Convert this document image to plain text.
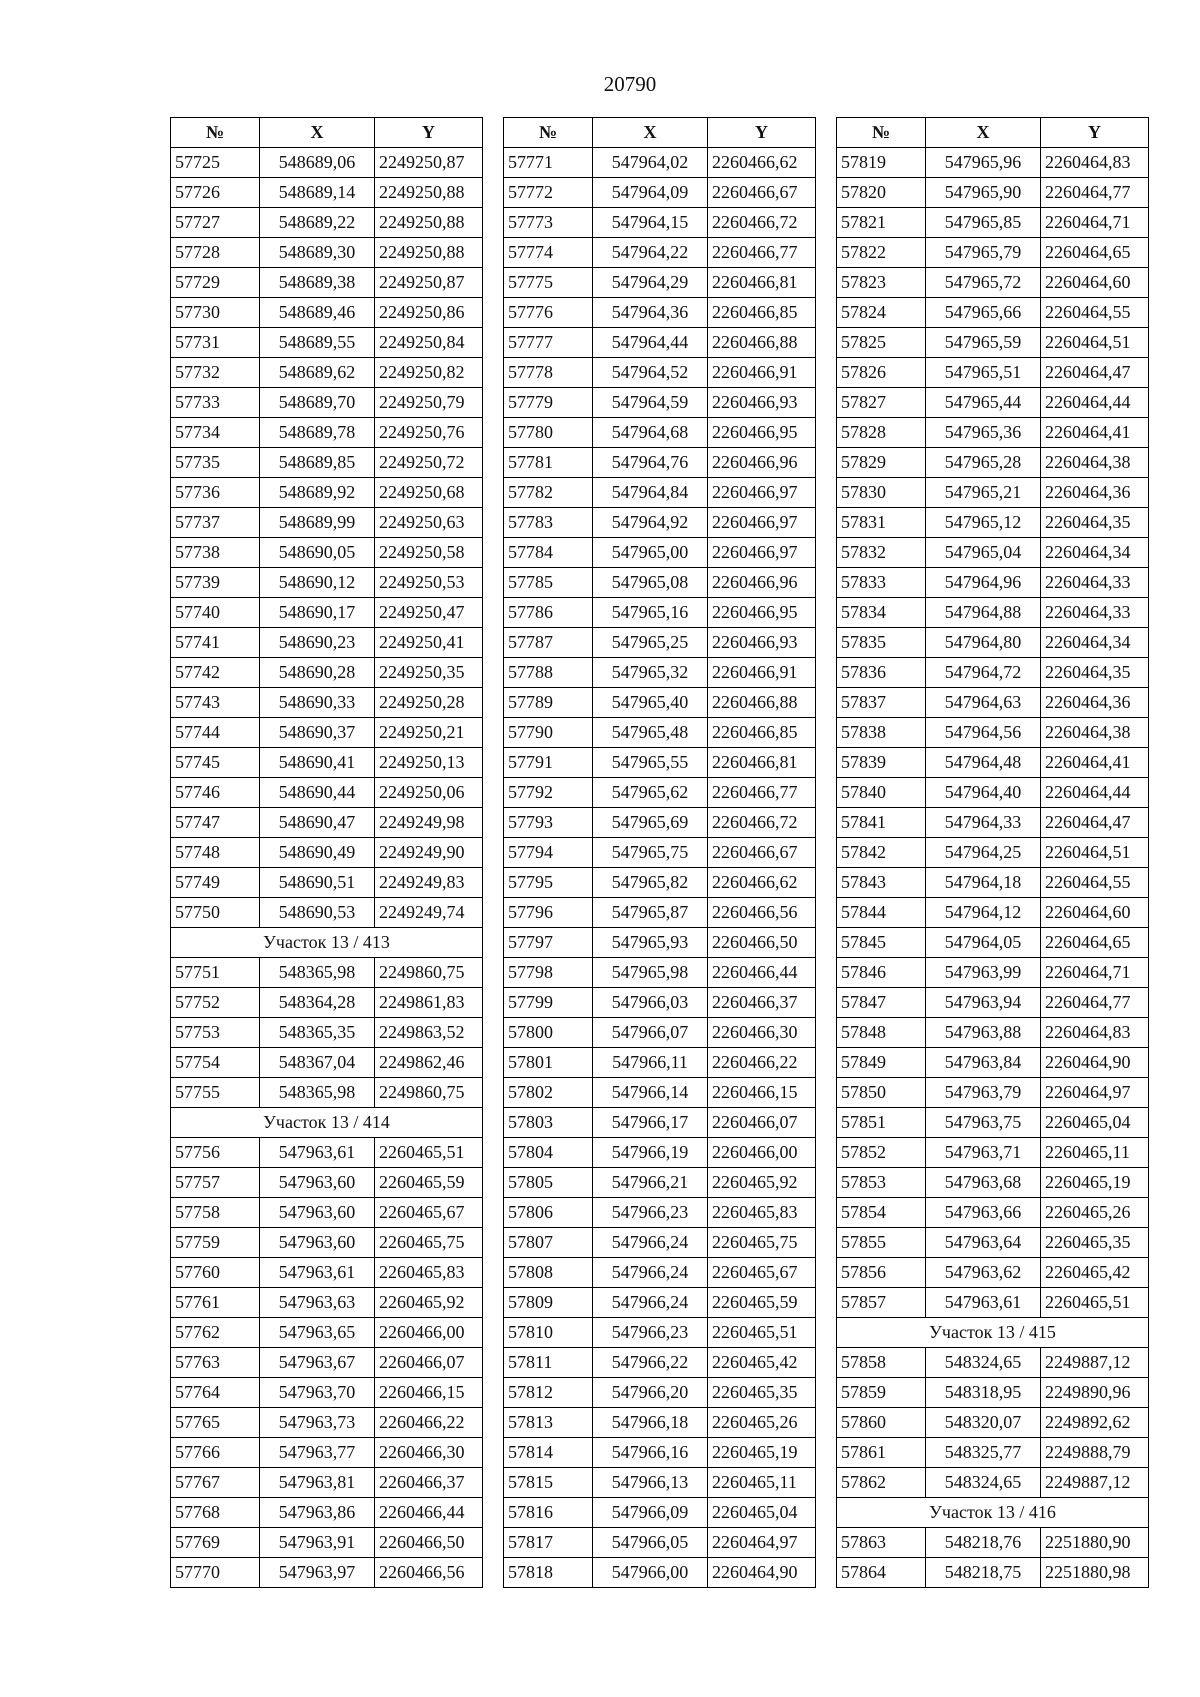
20790
№	X	Y
57725	548689,06	2249250,87
57726	548689,14	2249250,88
57727	548689,22	2249250,88
57728	548689,30	2249250,88
57729	548689,38	2249250,87
57730	548689,46	2249250,86
57731	548689,55	2249250,84
57732	548689,62	2249250,82
57733	548689,70	2249250,79
57734	548689,78	2249250,76
57735	548689,85	2249250,72
57736	548689,92	2249250,68
57737	548689,99	2249250,63
57738	548690,05	2249250,58
57739	548690,12	2249250,53
57740	548690,17	2249250,47
57741	548690,23	2249250,41
57742	548690,28	2249250,35
57743	548690,33	2249250,28
57744	548690,37	2249250,21
57745	548690,41	2249250,13
57746	548690,44	2249250,06
57747	548690,47	2249249,98
57748	548690,49	2249249,90
57749	548690,51	2249249,83
57750	548690,53	2249249,74
Участок 13 / 413		
57751	548365,98	2249860,75
57752	548364,28	2249861,83
57753	548365,35	2249863,52
57754	548367,04	2249862,46
57755	548365,98	2249860,75
Участок 13 / 414		
57756	547963,61	2260465,51
57757	547963,60	2260465,59
57758	547963,60	2260465,67
57759	547963,60	2260465,75
57760	547963,61	2260465,83
57761	547963,63	2260465,92
57762	547963,65	2260466,00
57763	547963,67	2260466,07
57764	547963,70	2260466,15
57765	547963,73	2260466,22
57766	547963,77	2260466,30
57767	547963,81	2260466,37
57768	547963,86	2260466,44
57769	547963,91	2260466,50
57770	547963,97	2260466,56
№	X	Y
57771	547964,02	2260466,62
57772	547964,09	2260466,67
57773	547964,15	2260466,72
57774	547964,22	2260466,77
57775	547964,29	2260466,81
57776	547964,36	2260466,85
57777	547964,44	2260466,88
57778	547964,52	2260466,91
57779	547964,59	2260466,93
57780	547964,68	2260466,95
57781	547964,76	2260466,96
57782	547964,84	2260466,97
57783	547964,92	2260466,97
57784	547965,00	2260466,97
57785	547965,08	2260466,96
57786	547965,16	2260466,95
57787	547965,25	2260466,93
57788	547965,32	2260466,91
57789	547965,40	2260466,88
57790	547965,48	2260466,85
57791	547965,55	2260466,81
57792	547965,62	2260466,77
57793	547965,69	2260466,72
57794	547965,75	2260466,67
57795	547965,82	2260466,62
57796	547965,87	2260466,56
57797	547965,93	2260466,50
57798	547965,98	2260466,44
57799	547966,03	2260466,37
57800	547966,07	2260466,30
57801	547966,11	2260466,22
57802	547966,14	2260466,15
57803	547966,17	2260466,07
57804	547966,19	2260466,00
57805	547966,21	2260465,92
57806	547966,23	2260465,83
57807	547966,24	2260465,75
57808	547966,24	2260465,67
57809	547966,24	2260465,59
57810	547966,23	2260465,51
57811	547966,22	2260465,42
57812	547966,20	2260465,35
57813	547966,18	2260465,26
57814	547966,16	2260465,19
57815	547966,13	2260465,11
57816	547966,09	2260465,04
57817	547966,05	2260464,97
57818	547966,00	2260464,90
№	X	Y
57819	547965,96	2260464,83
57820	547965,90	2260464,77
57821	547965,85	2260464,71
57822	547965,79	2260464,65
57823	547965,72	2260464,60
57824	547965,66	2260464,55
57825	547965,59	2260464,51
57826	547965,51	2260464,47
57827	547965,44	2260464,44
57828	547965,36	2260464,41
57829	547965,28	2260464,38
57830	547965,21	2260464,36
57831	547965,12	2260464,35
57832	547965,04	2260464,34
57833	547964,96	2260464,33
57834	547964,88	2260464,33
57835	547964,80	2260464,34
57836	547964,72	2260464,35
57837	547964,63	2260464,36
57838	547964,56	2260464,38
57839	547964,48	2260464,41
57840	547964,40	2260464,44
57841	547964,33	2260464,47
57842	547964,25	2260464,51
57843	547964,18	2260464,55
57844	547964,12	2260464,60
57845	547964,05	2260464,65
57846	547963,99	2260464,71
57847	547963,94	2260464,77
57848	547963,88	2260464,83
57849	547963,84	2260464,90
57850	547963,79	2260464,97
57851	547963,75	2260465,04
57852	547963,71	2260465,11
57853	547963,68	2260465,19
57854	547963,66	2260465,26
57855	547963,64	2260465,35
57856	547963,62	2260465,42
57857	547963,61	2260465,51
Участок 13 / 415		
57858	548324,65	2249887,12
57859	548318,95	2249890,96
57860	548320,07	2249892,62
57861	548325,77	2249888,79
57862	548324,65	2249887,12
Участок 13 / 416		
57863	548218,76	2251880,90
57864	548218,75	2251880,98
